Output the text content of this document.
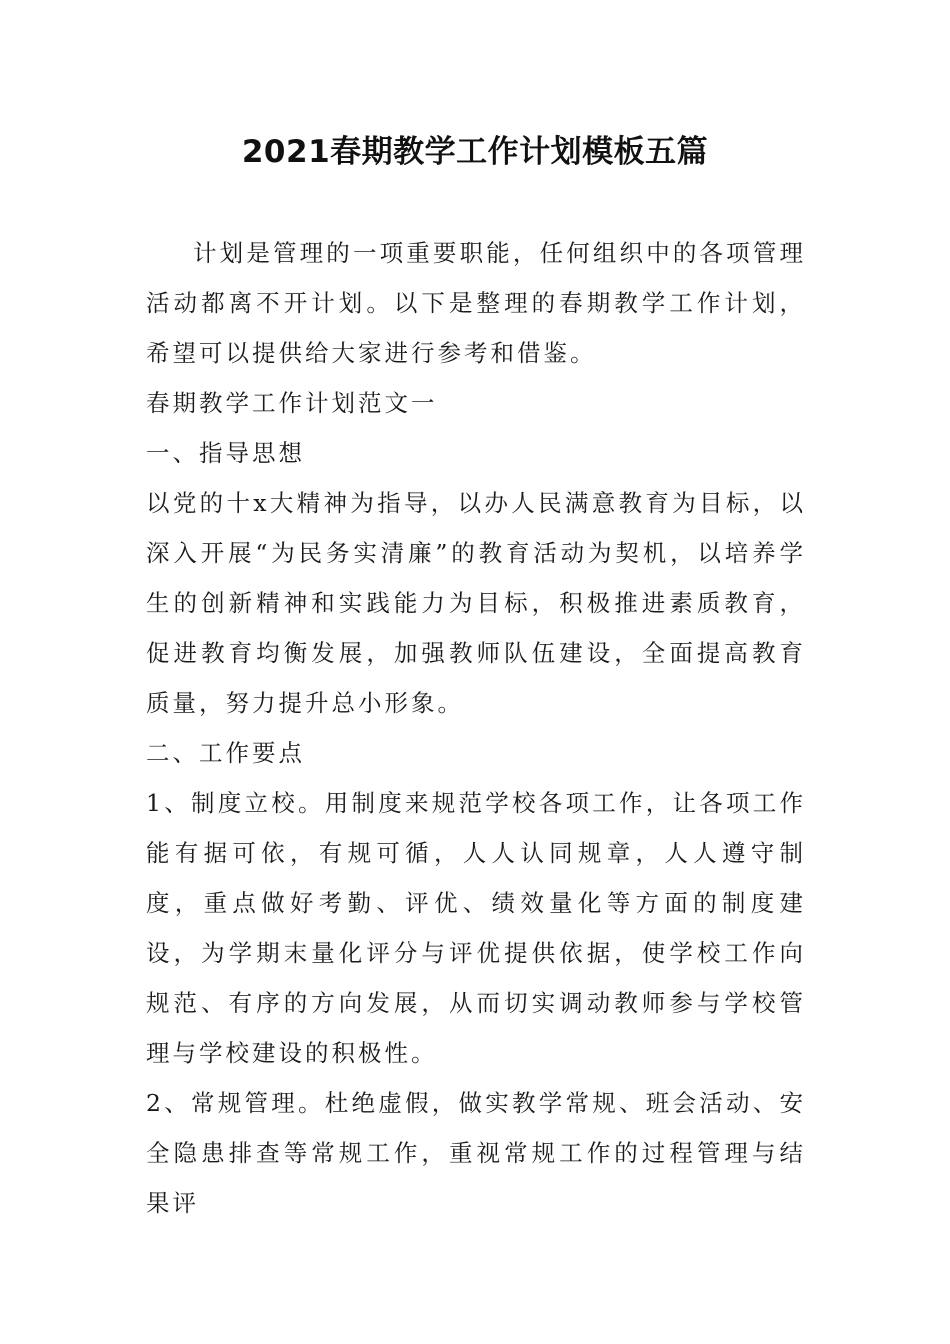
2021春期教学工作计划模板五篇

计划是管理的一项重要职能，任何组织中的各项管理活动都离不开计划。以下是整理的春期教学工作计划，希望可以提供给大家进行参考和借鉴。

春期教学工作计划范文一

一、指导思想

以党的十x大精神为指导，以办人民满意教育为目标，以深入开展“为民务实清廉”的教育活动为契机，以培养学生的创新精神和实践能力为目标，积极推进素质教育，促进教育均衡发展，加强教师队伍建设，全面提高教育质量，努力提升总小形象。

二、工作要点

1、制度立校。用制度来规范学校各项工作，让各项工作能有据可依，有规可循，人人认同规章，人人遵守制度，重点做好考勤、评优、绩效量化等方面的制度建设，为学期末量化评分与评优提供依据，使学校工作向规范、有序的方向发展，从而切实调动教师参与学校管理与学校建设的积极性。

2、常规管理。杜绝虚假，做实教学常规、班会活动、安全隐患排查等常规工作，重视常规工作的过程管理与结果评
